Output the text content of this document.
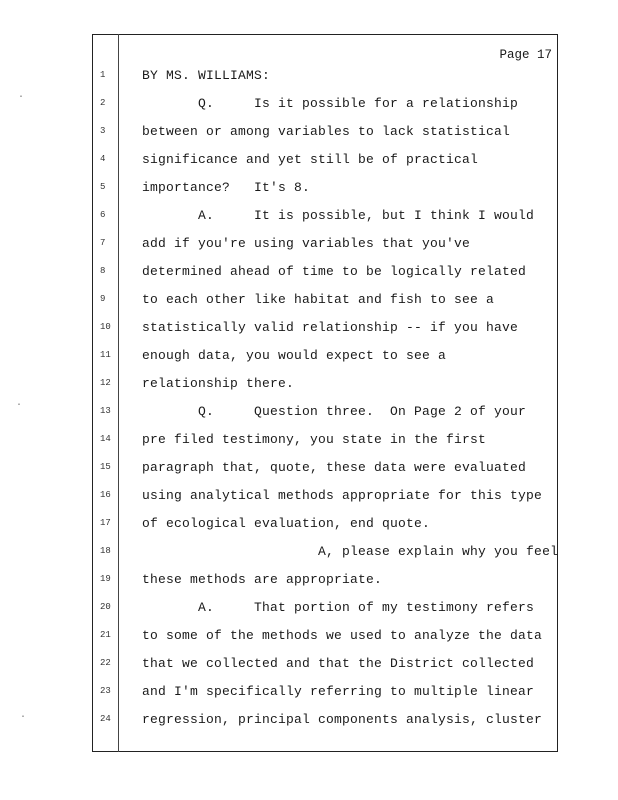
Page 17
1	BY MS. WILLIAMS:
2	Q.     Is it possible for a relationship
3	between or among variables to lack statistical
4	significance and yet still be of practical
5	importance?   It's 8.
6	A.     It is possible, but I think I would
7	add if you're using variables that you've
8	determined ahead of time to be logically related
9	to each other like habitat and fish to see a
10	statistically valid relationship -- if you have
11	enough data, you would expect to see a
12	relationship there.
13	Q.     Question three.  On Page 2 of your
14	pre filed testimony, you state in the first
15	paragraph that, quote, these data were evaluated
16	using analytical methods appropriate for this type
17	of ecological evaluation, end quote.
18	A, please explain why you feel
19	these methods are appropriate.
20	A.     That portion of my testimony refers
21	to some of the methods we used to analyze the data
22	that we collected and that the District collected
23	and I'm specifically referring to multiple linear
24	regression, principal components analysis, cluster
·
·
·
